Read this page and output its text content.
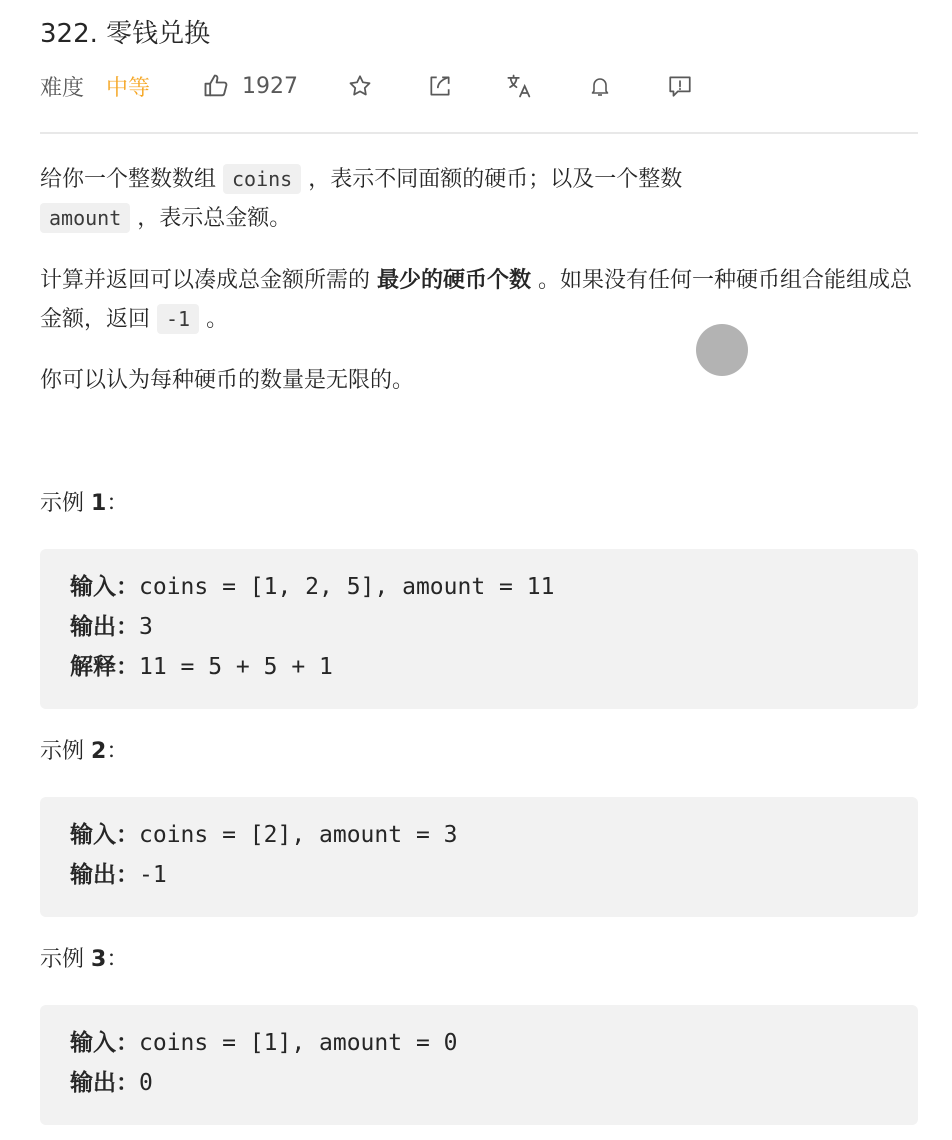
322. 零钱兑换
难度 中等	1927
给你一个整数数组 coins ，表示不同面额的硬币；以及一个整数
amount ，表示总金额。
计算并返回可以凑成总金额所需的 最少的硬币个数 。如果没有任何一种硬币组合能组成总金额，返回 -1 。
你可以认为每种硬币的数量是无限的。
示例 1：
输入：coins = [1, 2, 5], amount = 11
输出：3
解释：11 = 5 + 5 + 1
示例 2：
输入：coins = [2], amount = 3
输出：-1
示例 3：
输入：coins = [1], amount = 0
输出：0
